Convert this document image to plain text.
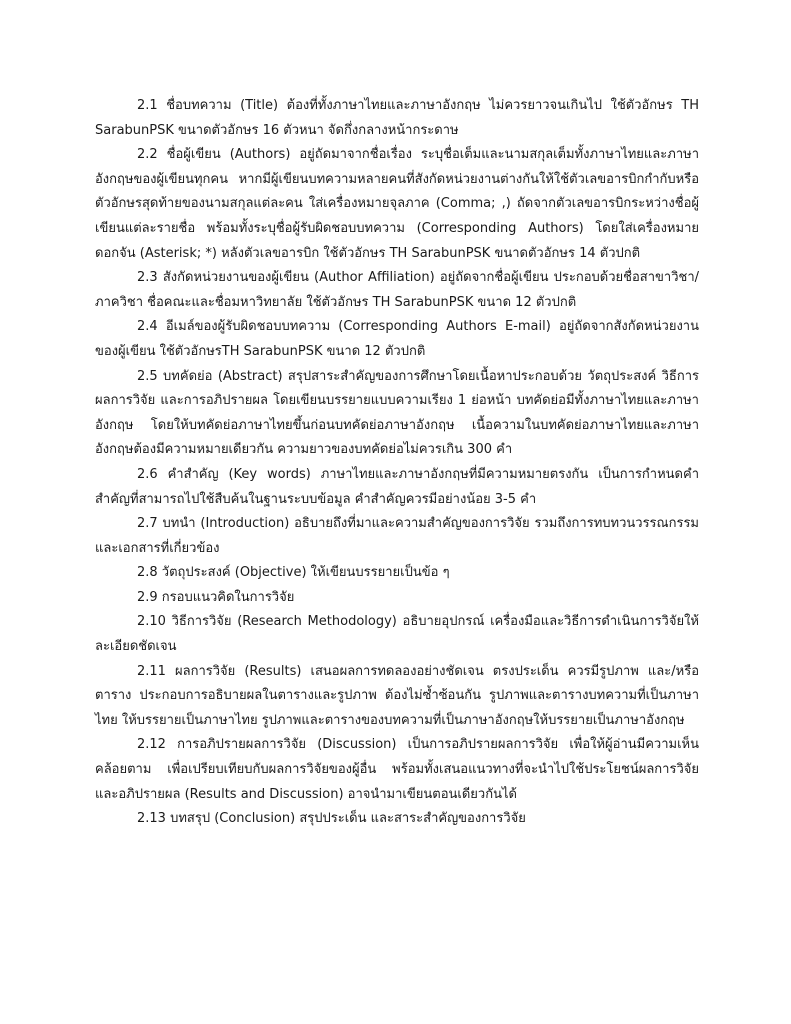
2.1 ชื่อบทความ (Title) ต้องที่ทั้งภาษาไทยและภาษาอังกฤษ ไม่ควรยาวจนเกินไป ใช้ตัวอักษร TH SarabunPSK ขนาดตัวอักษร 16 ตัวหนา จัดกึ่งกลางหน้ากระดาษ

2.2 ชื่อผู้เขียน (Authors) อยู่ถัดมาจากชื่อเรื่อง ระบุชื่อเต็มและนามสกุลเต็มทั้งภาษาไทยและภาษาอังกฤษของผู้เขียนทุกคน หากมีผู้เขียนบทความหลายคนที่สังกัดหน่วยงานต่างกันให้ใช้ตัวเลขอารบิกกำกับหรือตัวอักษรสุดท้ายของนามสกุลแต่ละคน ใส่เครื่องหมายจุลภาค (Comma; ,) ถัดจากตัวเลขอารบิกระหว่างชื่อผู้เขียนแต่ละรายชื่อ พร้อมทั้งระบุชื่อผู้รับผิดชอบบทความ (Corresponding Authors) โดยใส่เครื่องหมายดอกจัน (Asterisk; *) หลังตัวเลขอารบิก ใช้ตัวอักษร TH SarabunPSK ขนาดตัวอักษร 14 ตัวปกติ

2.3 สังกัดหน่วยงานของผู้เขียน (Author Affiliation) อยู่ถัดจากชื่อผู้เขียน ประกอบด้วยชื่อสาขาวิชา/ภาควิชา ชื่อคณะและชื่อมหาวิทยาลัย ใช้ตัวอักษร TH SarabunPSK ขนาด 12 ตัวปกติ

2.4 อีเมล์ของผู้รับผิดชอบบทความ (Corresponding Authors E-mail) อยู่ถัดจากสังกัดหน่วยงานของผู้เขียน ใช้ตัวอักษรTH SarabunPSK ขนาด 12 ตัวปกติ

2.5 บทคัดย่อ (Abstract) สรุปสาระสำคัญของการศึกษาโดยเนื้อหาประกอบด้วย วัตถุประสงค์ วิธีการ ผลการวิจัย และการอภิปรายผล โดยเขียนบรรยายแบบความเรียง 1 ย่อหน้า บทคัดย่อมีทั้งภาษาไทยและภาษาอังกฤษ โดยให้บทคัดย่อภาษาไทยขึ้นก่อนบทคัดย่อภาษาอังกฤษ เนื้อความในบทคัดย่อภาษาไทยและภาษาอังกฤษต้องมีความหมายเดียวกัน ความยาวของบทคัดย่อไม่ควรเกิน 300 คำ

2.6 คำสำคัญ (Key words) ภาษาไทยและภาษาอังกฤษที่มีความหมายตรงกัน เป็นการกำหนดคำสำคัญที่สามารถไปใช้สืบค้นในฐานระบบข้อมูล คำสำคัญควรมีอย่างน้อย 3-5 คำ

2.7 บทนำ (Introduction) อธิบายถึงที่มาและความสำคัญของการวิจัย รวมถึงการทบทวนวรรณกรรมและเอกสารที่เกี่ยวข้อง

2.8 วัตถุประสงค์ (Objective) ให้เขียนบรรยายเป็นข้อ ๆ

2.9 กรอบแนวคิดในการวิจัย

2.10 วิธีการวิจัย (Research Methodology) อธิบายอุปกรณ์ เครื่องมือและวิธีการดำเนินการวิจัยให้ละเอียดชัดเจน

2.11 ผลการวิจัย (Results) เสนอผลการทดลองอย่างชัดเจน ตรงประเด็น ควรมีรูปภาพ และ/หรือ ตาราง ประกอบการอธิบายผลในตารางและรูปภาพ ต้องไม่ซ้ำซ้อนกัน รูปภาพและตารางบทความที่เป็นภาษาไทย ให้บรรยายเป็นภาษาไทย รูปภาพและตารางของบทความที่เป็นภาษาอังกฤษให้บรรยายเป็นภาษาอังกฤษ

2.12 การอภิปรายผลการวิจัย (Discussion) เป็นการอภิปรายผลการวิจัย เพื่อให้ผู้อ่านมีความเห็นคล้อยตาม เพื่อเปรียบเทียบกับผลการวิจัยของผู้อื่น พร้อมทั้งเสนอแนวทางที่จะนำไปใช้ประโยชน์ผลการวิจัย และอภิปรายผล (Results and Discussion) อาจนำมาเขียนตอนเดียวกันได้

2.13 บทสรุป (Conclusion) สรุปประเด็น และสาระสำคัญของการวิจัย
